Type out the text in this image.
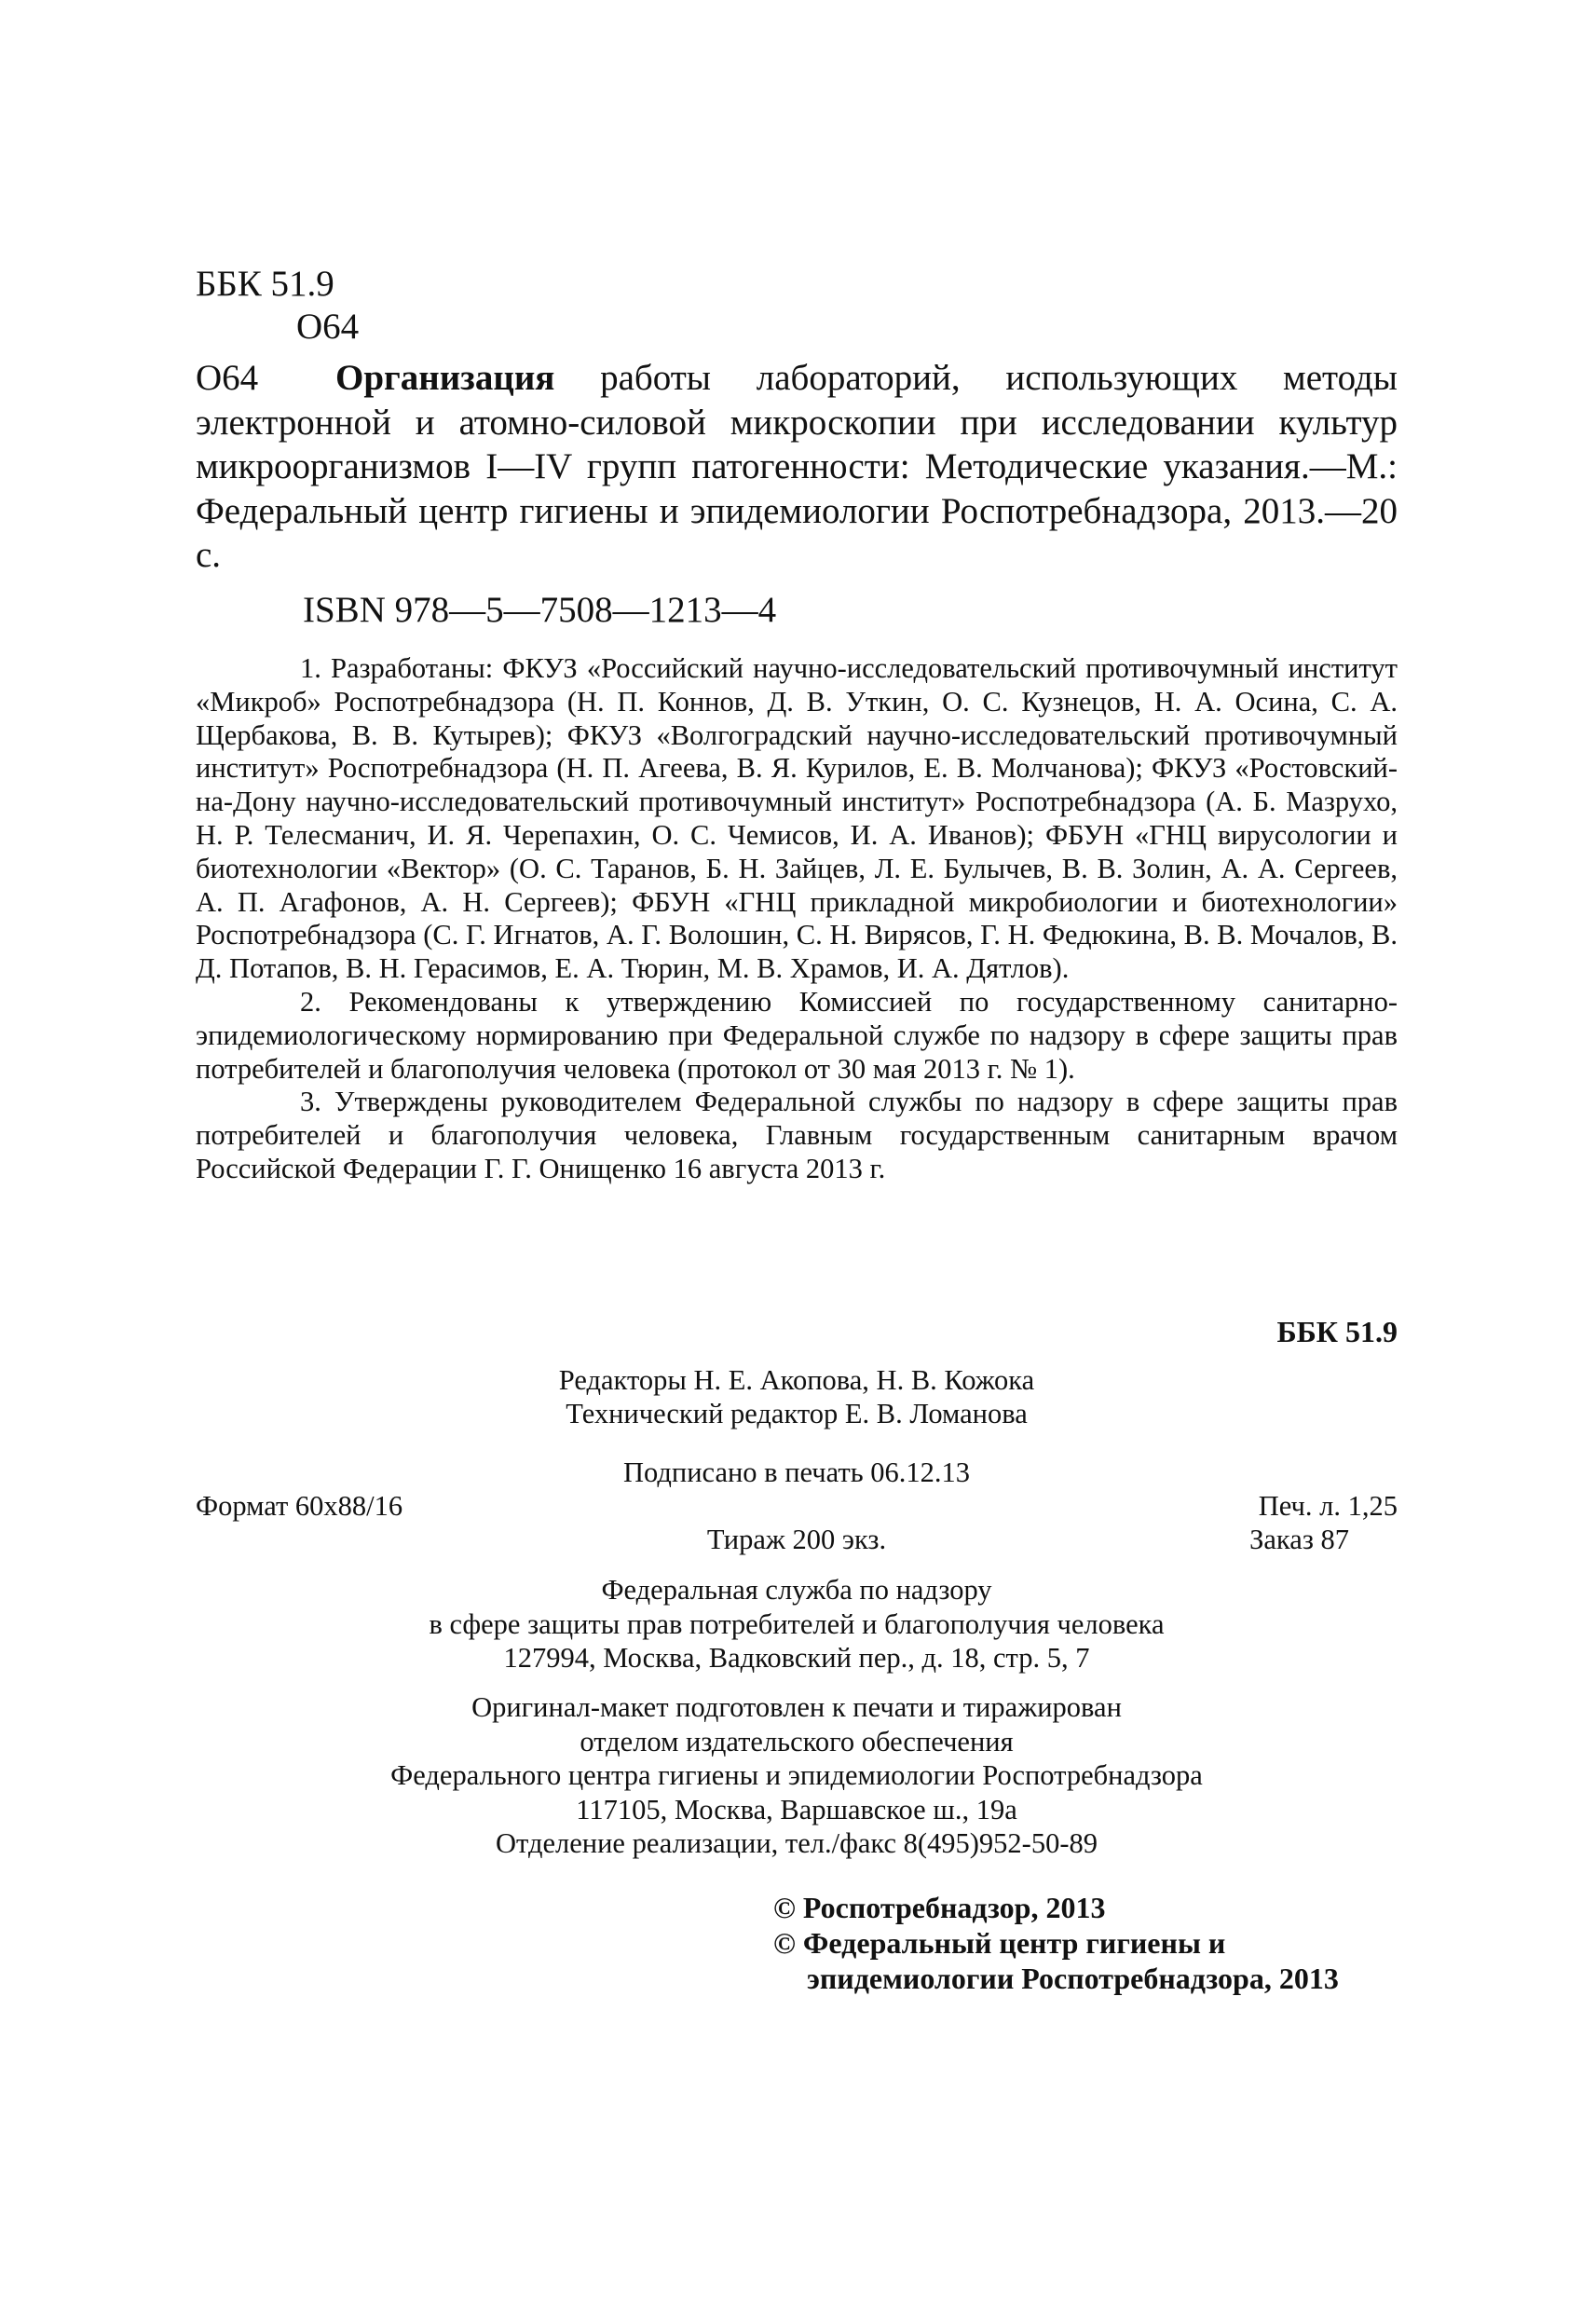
ББК 51.9
О64
О64 Организация работы лабораторий, использующих методы электронной и атомно-силовой микроскопии при исследовании культур микроорганизмов I—IV групп патогенности: Методические указания.—М.: Федеральный центр гигиены и эпидемиологии Роспотребнадзора, 2013.—20 с.
ISBN 978—5—7508—1213—4

1. Разработаны: ФКУЗ «Российский научно-исследовательский противочумный институт «Микроб» Роспотребнадзора (Н. П. Коннов, Д. В. Уткин, О. С. Кузнецов, Н. А. Осина, С. А. Щербакова, В. В. Кутырев); ФКУЗ «Волгоградский научно-исследовательский противочумный институт» Роспотребнадзора (Н. П. Агеева, В. Я. Курилов, Е. В. Молчанова); ФКУЗ «Ростовский-на-Дону научно-исследовательский противочумный институт» Роспотребнадзора (А. Б. Мазрухо, Н. Р. Телесманич, И. Я. Черепахин, О. С. Чемисов, И. А. Иванов); ФБУН «ГНЦ вирусологии и биотехнологии «Вектор» (О. С. Таранов, Б. Н. Зайцев, Л. Е. Булычев, В. В. Золин, А. А. Сергеев, А. П. Агафонов, А. Н. Сергеев); ФБУН «ГНЦ прикладной микробиологии и биотехнологии» Роспотребнадзора (С. Г. Игнатов, А. Г. Волошин, С. Н. Вирясов, Г. Н. Федюкина, В. В. Мочалов, В. Д. Потапов, В. Н. Герасимов, Е. А. Тюрин, М. В. Храмов, И. А. Дятлов).

2. Рекомендованы к утверждению Комиссией по государственному санитарно-эпидемиологическому нормированию при Федеральной службе по надзору в сфере защиты прав потребителей и благополучия человека (протокол от 30 мая 2013 г. № 1).

3. Утверждены руководителем Федеральной службы по надзору в сфере защиты прав потребителей и благополучия человека, Главным государственным санитарным врачом Российской Федерации Г. Г. Онищенко 16 августа 2013 г.

ББК 51.9
Редакторы Н. Е. Акопова, Н. В. Кожока
Технический редактор Е. В. Ломанова
Подписано в печать 06.12.13
Формат 60х88/16	Печ. л. 1,25
Тираж 200 экз.	Заказ 87
Федеральная служба по надзору
в сфере защиты прав потребителей и благополучия человека
127994, Москва, Вадковский пер., д. 18, стр. 5, 7
Оригинал-макет подготовлен к печати и тиражирован
отделом издательского обеспечения
Федерального центра гигиены и эпидемиологии Роспотребнадзора
117105, Москва, Варшавское ш., 19а
Отделение реализации, тел./факс 8(495)952-50-89
© Роспотребнадзор, 2013
© Федеральный центр гигиены и
эпидемиологии Роспотребнадзора, 2013
